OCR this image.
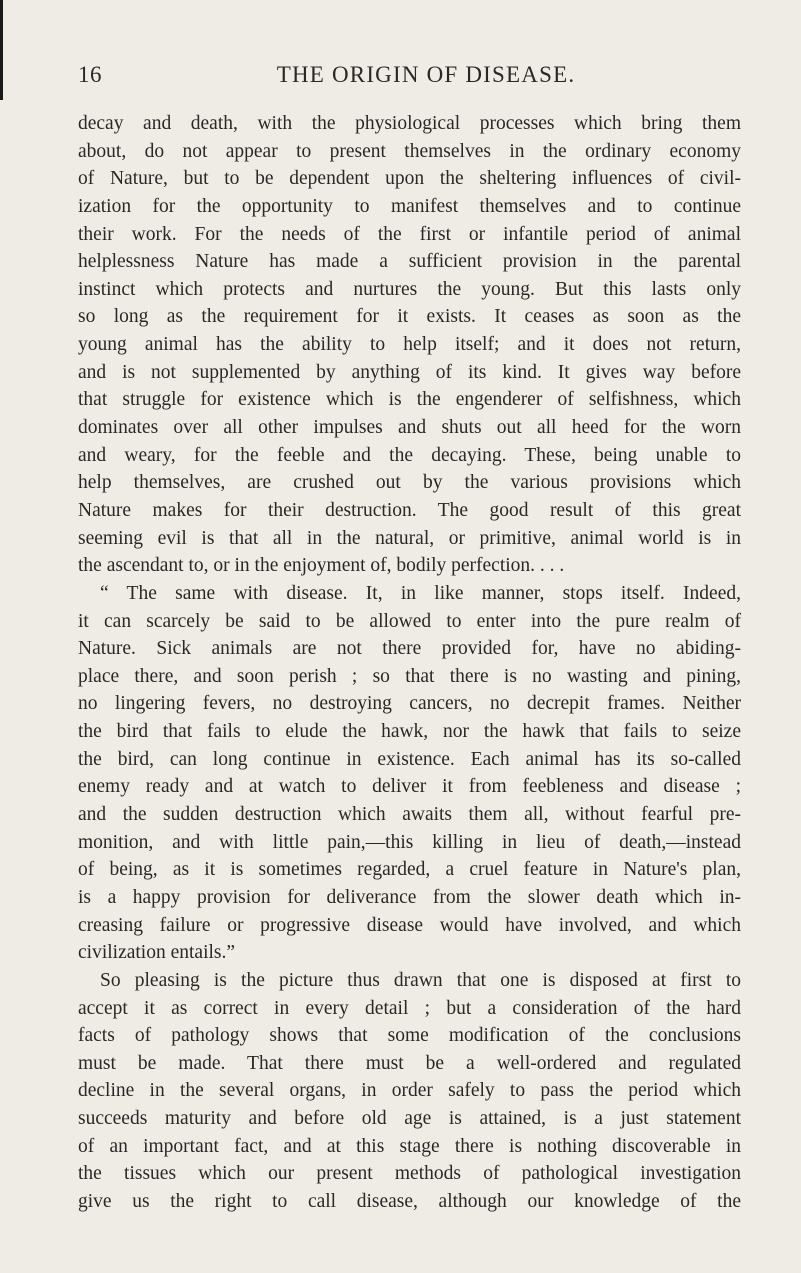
16	THE ORIGIN OF DISEASE.
decay and death, with the physiological processes which bring them
about, do not appear to present themselves in the ordinary economy
of Nature, but to be dependent upon the sheltering influences of civil-
ization for the opportunity to manifest themselves and to continue
their work. For the needs of the first or infantile period of animal
helplessness Nature has made a sufficient provision in the parental
instinct which protects and nurtures the young. But this lasts only
so long as the requirement for it exists. It ceases as soon as the
young animal has the ability to help itself; and it does not return,
and is not supplemented by anything of its kind. It gives way before
that struggle for existence which is the engenderer of selfishness, which
dominates over all other impulses and shuts out all heed for the worn
and weary, for the feeble and the decaying. These, being unable to
help themselves, are crushed out by the various provisions which
Nature makes for their destruction. The good result of this great
seeming evil is that all in the natural, or primitive, animal world is in
the ascendant to, or in the enjoyment of, bodily perfection. . . .
“ The same with disease. It, in like manner, stops itself. Indeed,
it can scarcely be said to be allowed to enter into the pure realm of
Nature. Sick animals are not there provided for, have no abiding-
place there, and soon perish ; so that there is no wasting and pining,
no lingering fevers, no destroying cancers, no decrepit frames. Neither
the bird that fails to elude the hawk, nor the hawk that fails to seize
the bird, can long continue in existence. Each animal has its so-called
enemy ready and at watch to deliver it from feebleness and disease ;
and the sudden destruction which awaits them all, without fearful pre-
monition, and with little pain,—this killing in lieu of death,—instead
of being, as it is sometimes regarded, a cruel feature in Nature's plan,
is a happy provision for deliverance from the slower death which in-
creasing failure or progressive disease would have involved, and which
civilization entails.”
So pleasing is the picture thus drawn that one is disposed at first to
accept it as correct in every detail ; but a consideration of the hard
facts of pathology shows that some modification of the conclusions
must be made. That there must be a well-ordered and regulated
decline in the several organs, in order safely to pass the period which
succeeds maturity and before old age is attained, is a just statement
of an important fact, and at this stage there is nothing discoverable in
the tissues which our present methods of pathological investigation
give us the right to call disease, although our knowledge of the
